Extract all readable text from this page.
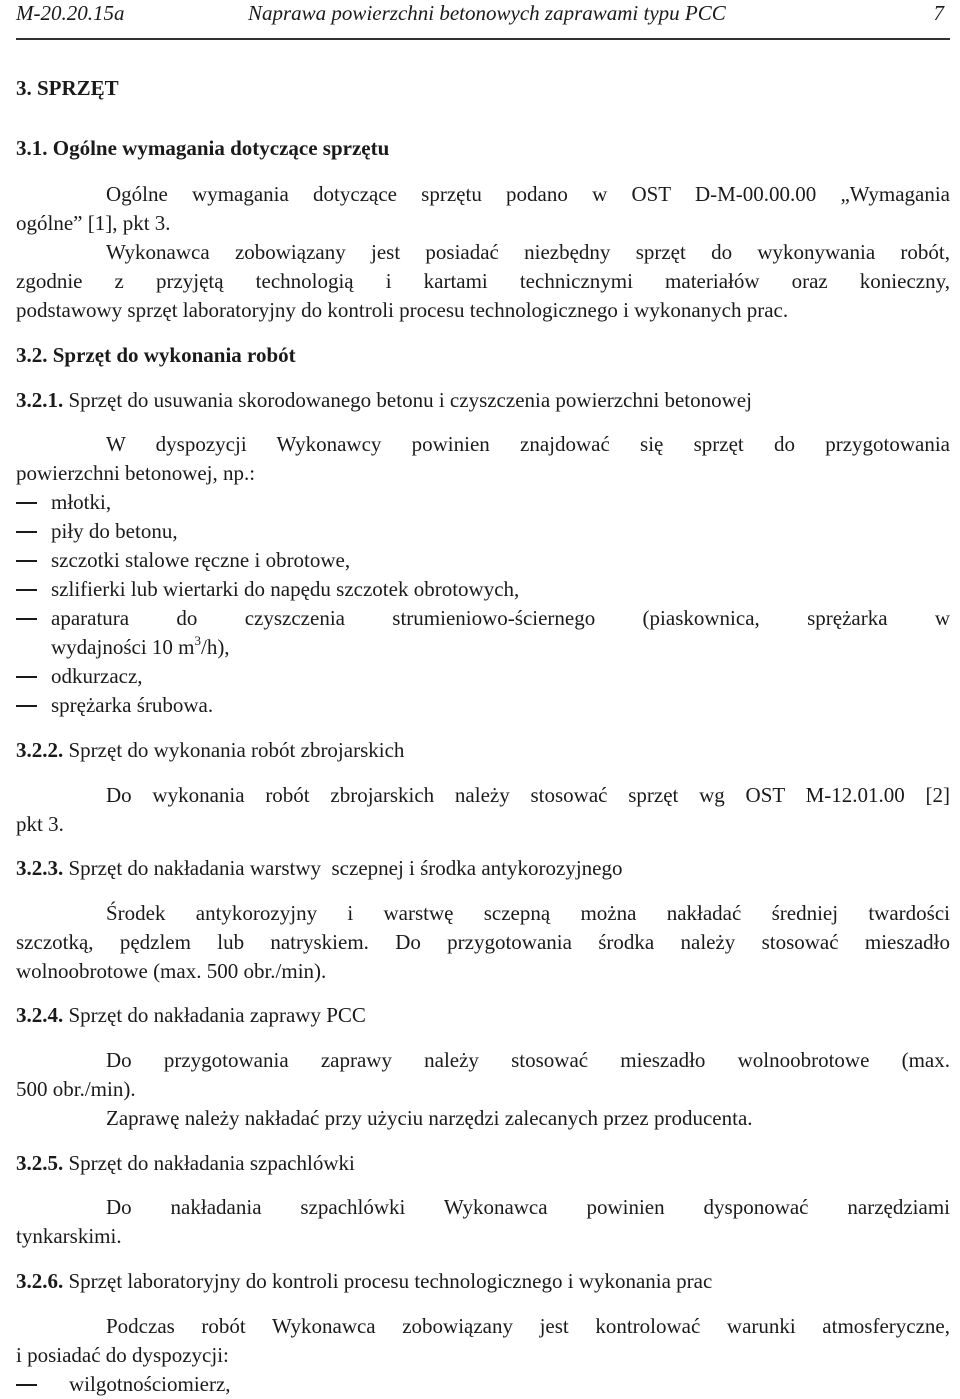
M-20.20.15a	Naprawa powierzchni betonowych zaprawami typu PCC	7
3. SPRZĘT
3.1. Ogólne wymagania dotyczące sprzętu
Ogólne wymagania dotyczące sprzętu podano w OST D-M-00.00.00 „Wymagania
ogólne” [1], pkt 3.
Wykonawca zobowiązany jest posiadać niezbędny sprzęt do wykonywania robót,
zgodnie z przyjętą technologią i kartami technicznymi materiałów oraz konieczny,
podstawowy sprzęt laboratoryjny do kontroli procesu technologicznego i wykonanych prac.
3.2. Sprzęt do wykonania robót
3.2.1. Sprzęt do usuwania skorodowanego betonu i czyszczenia powierzchni betonowej
W dyspozycji Wykonawcy powinien znajdować się sprzęt do przygotowania
powierzchni betonowej, np.:
młotki,
piły do betonu,
szczotki stalowe ręczne i obrotowe,
szlifierki lub wiertarki do napędu szczotek obrotowych,
aparatura do czyszczenia strumieniowo-ściernego (piaskownica, sprężarka w
wydajności 10 $m^3/h$),
odkurzacz,
sprężarka śrubowa.
3.2.2. Sprzęt do wykonania robót zbrojarskich
Do wykonania robót zbrojarskich należy stosować sprzęt wg OST M-12.01.00 [2]
pkt 3.
3.2.3. Sprzęt do nakładania warstwy  sczepnej i środka antykorozyjnego
Środek antykorozyjny i warstwę sczepną można nakładać średniej twardości
szczotką, pędzlem lub natryskiem. Do przygotowania środka należy stosować mieszadło
wolnoobrotowe (max. 500 obr./min).
3.2.4. Sprzęt do nakładania zaprawy PCC
Do przygotowania zaprawy należy stosować mieszadło wolnoobrotowe (max.
500 obr./min).
Zaprawę należy nakładać przy użyciu narzędzi zalecanych przez producenta.
3.2.5. Sprzęt do nakładania szpachlówki
Do nakładania szpachlówki Wykonawca powinien dysponować narzędziami
tynkarskimi.
3.2.6. Sprzęt laboratoryjny do kontroli procesu technologicznego i wykonania prac
Podczas robót Wykonawca zobowiązany jest kontrolować warunki atmosferyczne,
i posiadać do dyspozycji:
wilgotnościomierz,
